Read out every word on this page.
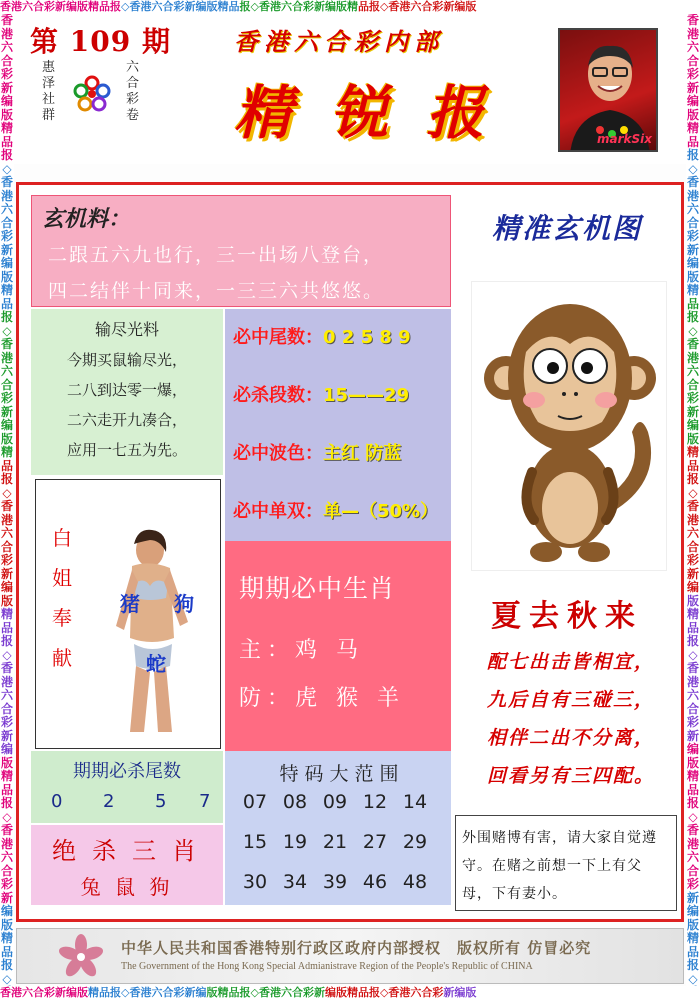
香港六合彩新编版精品报◇香港六合彩新编版精品报◇香港六合彩新编版精品报◇香港六合彩新编版
香港六合彩新编版精品报◇香港六合彩新编版精品报◇香港六合彩新编版精品报◇香港六合彩新编版
香港六合彩新编版精品报◇香港六合彩新编版精品报◇香港六合彩新编版精品报◇香港六合彩新编版精品报◇香港六合彩新编版精品报◇香港六合彩新编版精品报◇
香港六合彩新编版精品报◇香港六合彩新编版精品报◇香港六合彩新编版精品报◇香港六合彩新编版精品报◇香港六合彩新编版精品报◇香港六合彩新编版精品报◇
第 109 期
惠泽社群
六合彩卷
香港六合彩内部
精锐报	markSix
玄机料：
二跟五六九也行，三一出场八登台，
四二结伴十同来，一三三六共悠悠。
输尽光料
今期买鼠输尽光，
二八到达零一爆，
二六走开九凑合，
应用一七五为先。
必中尾数：0 2 5 8 9
必杀段数：15——29
必中波色：主红 防蓝
必中单双：单—（50%）
白姐奉献
猪 狗
蛇
期期必中生肖
主：鸡 马
防：虎 猴 羊
期期必杀尾数
0 2 5 7
绝杀三肖
兔 鼠 狗
特码大范围
07 08 09 12 14
15 19 21 27 29
30 34 39 46 48
精准玄机图
夏去秋来
配七出击皆相宜，
九后自有三碰三，
相伴二出不分离，
回看另有三四配。
外围赌博有害，请大家自觉遵守。在赌之前想一下上有父母，下有妻小。
中华人民共和国香港特别行政区政府内部授权　版权所有 仿冒必究
The Government of the Hong Kong Special Admianistrave Region of the People's Republic of CHINA
